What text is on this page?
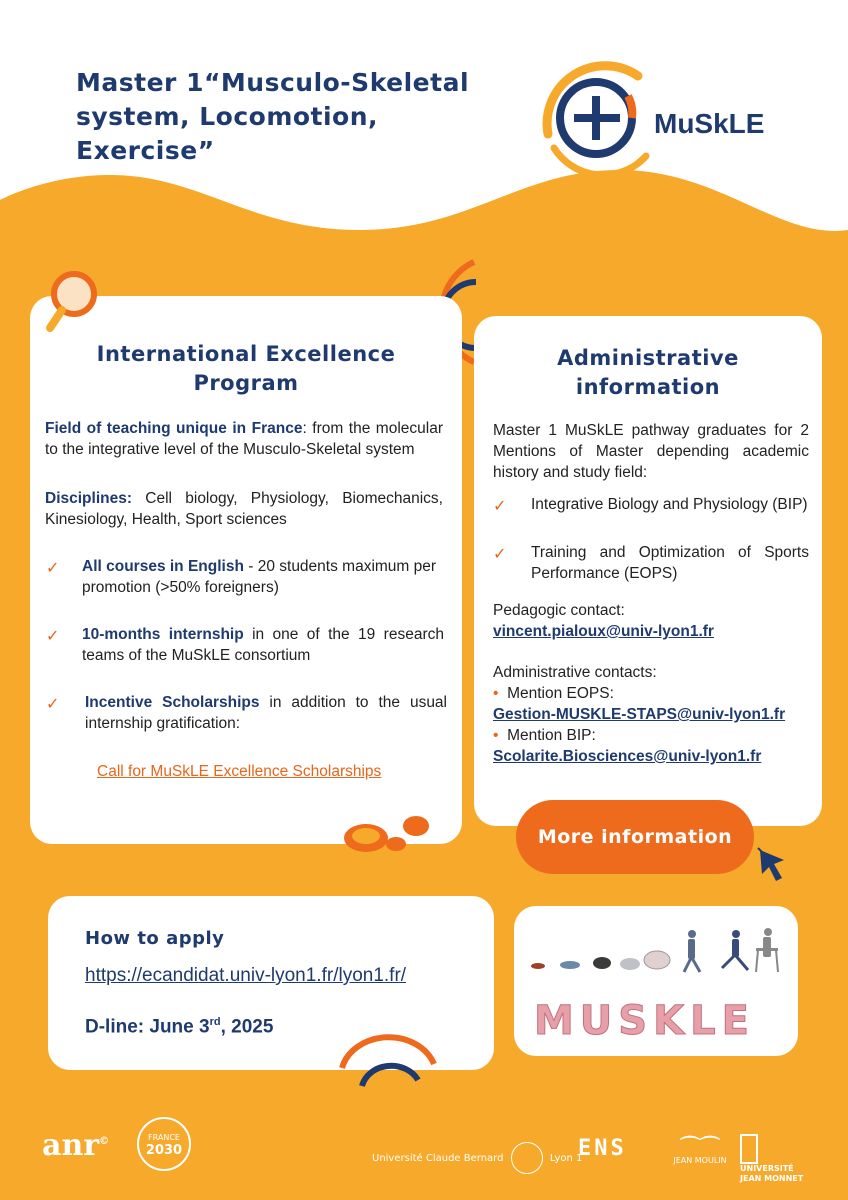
Master 1“Musculo-Skeletal system, Locomotion, Exercise”
MuSkLE
International Excellence Program
Field of teaching unique in France: from the molecular to the integrative level of the Musculo-Skeletal system
Disciplines: Cell biology, Physiology, Biomechanics, Kinesiology, Health, Sport sciences
✓ All courses in English - 20 students maximum per promotion (>50% foreigners)
✓ 10-months internship in one of the 19 research teams of the MuSkLE consortium
✓ Incentive Scholarships in addition to the usual internship gratification:
Call for MuSkLE Excellence Scholarships
Administrative information
Master 1 MuSkLE pathway graduates for 2 Mentions of Master depending academic history and study field:
✓ Integrative Biology and Physiology (BIP)
✓ Training and Optimization of Sports Performance (EOPS)
Pedagogic contact:
vincent.pialoux@univ-lyon1.fr
Administrative contacts:
• Mention EOPS:
Gestion-MUSKLE-STAPS@univ-lyon1.fr
• Mention BIP:
Scolarite.Biosciences@univ-lyon1.fr
More information
How to apply
https://ecandidat.univ-lyon1.fr/lyon1.fr/
D-line: June 3rd, 2025	MUSKLE
anr©	FRANCE
2030
Université Claude Bernard	Lyon 1
ENS	⌒⌒
JEAN MOULIN
UNIVERSITÉ JEAN MONNET
